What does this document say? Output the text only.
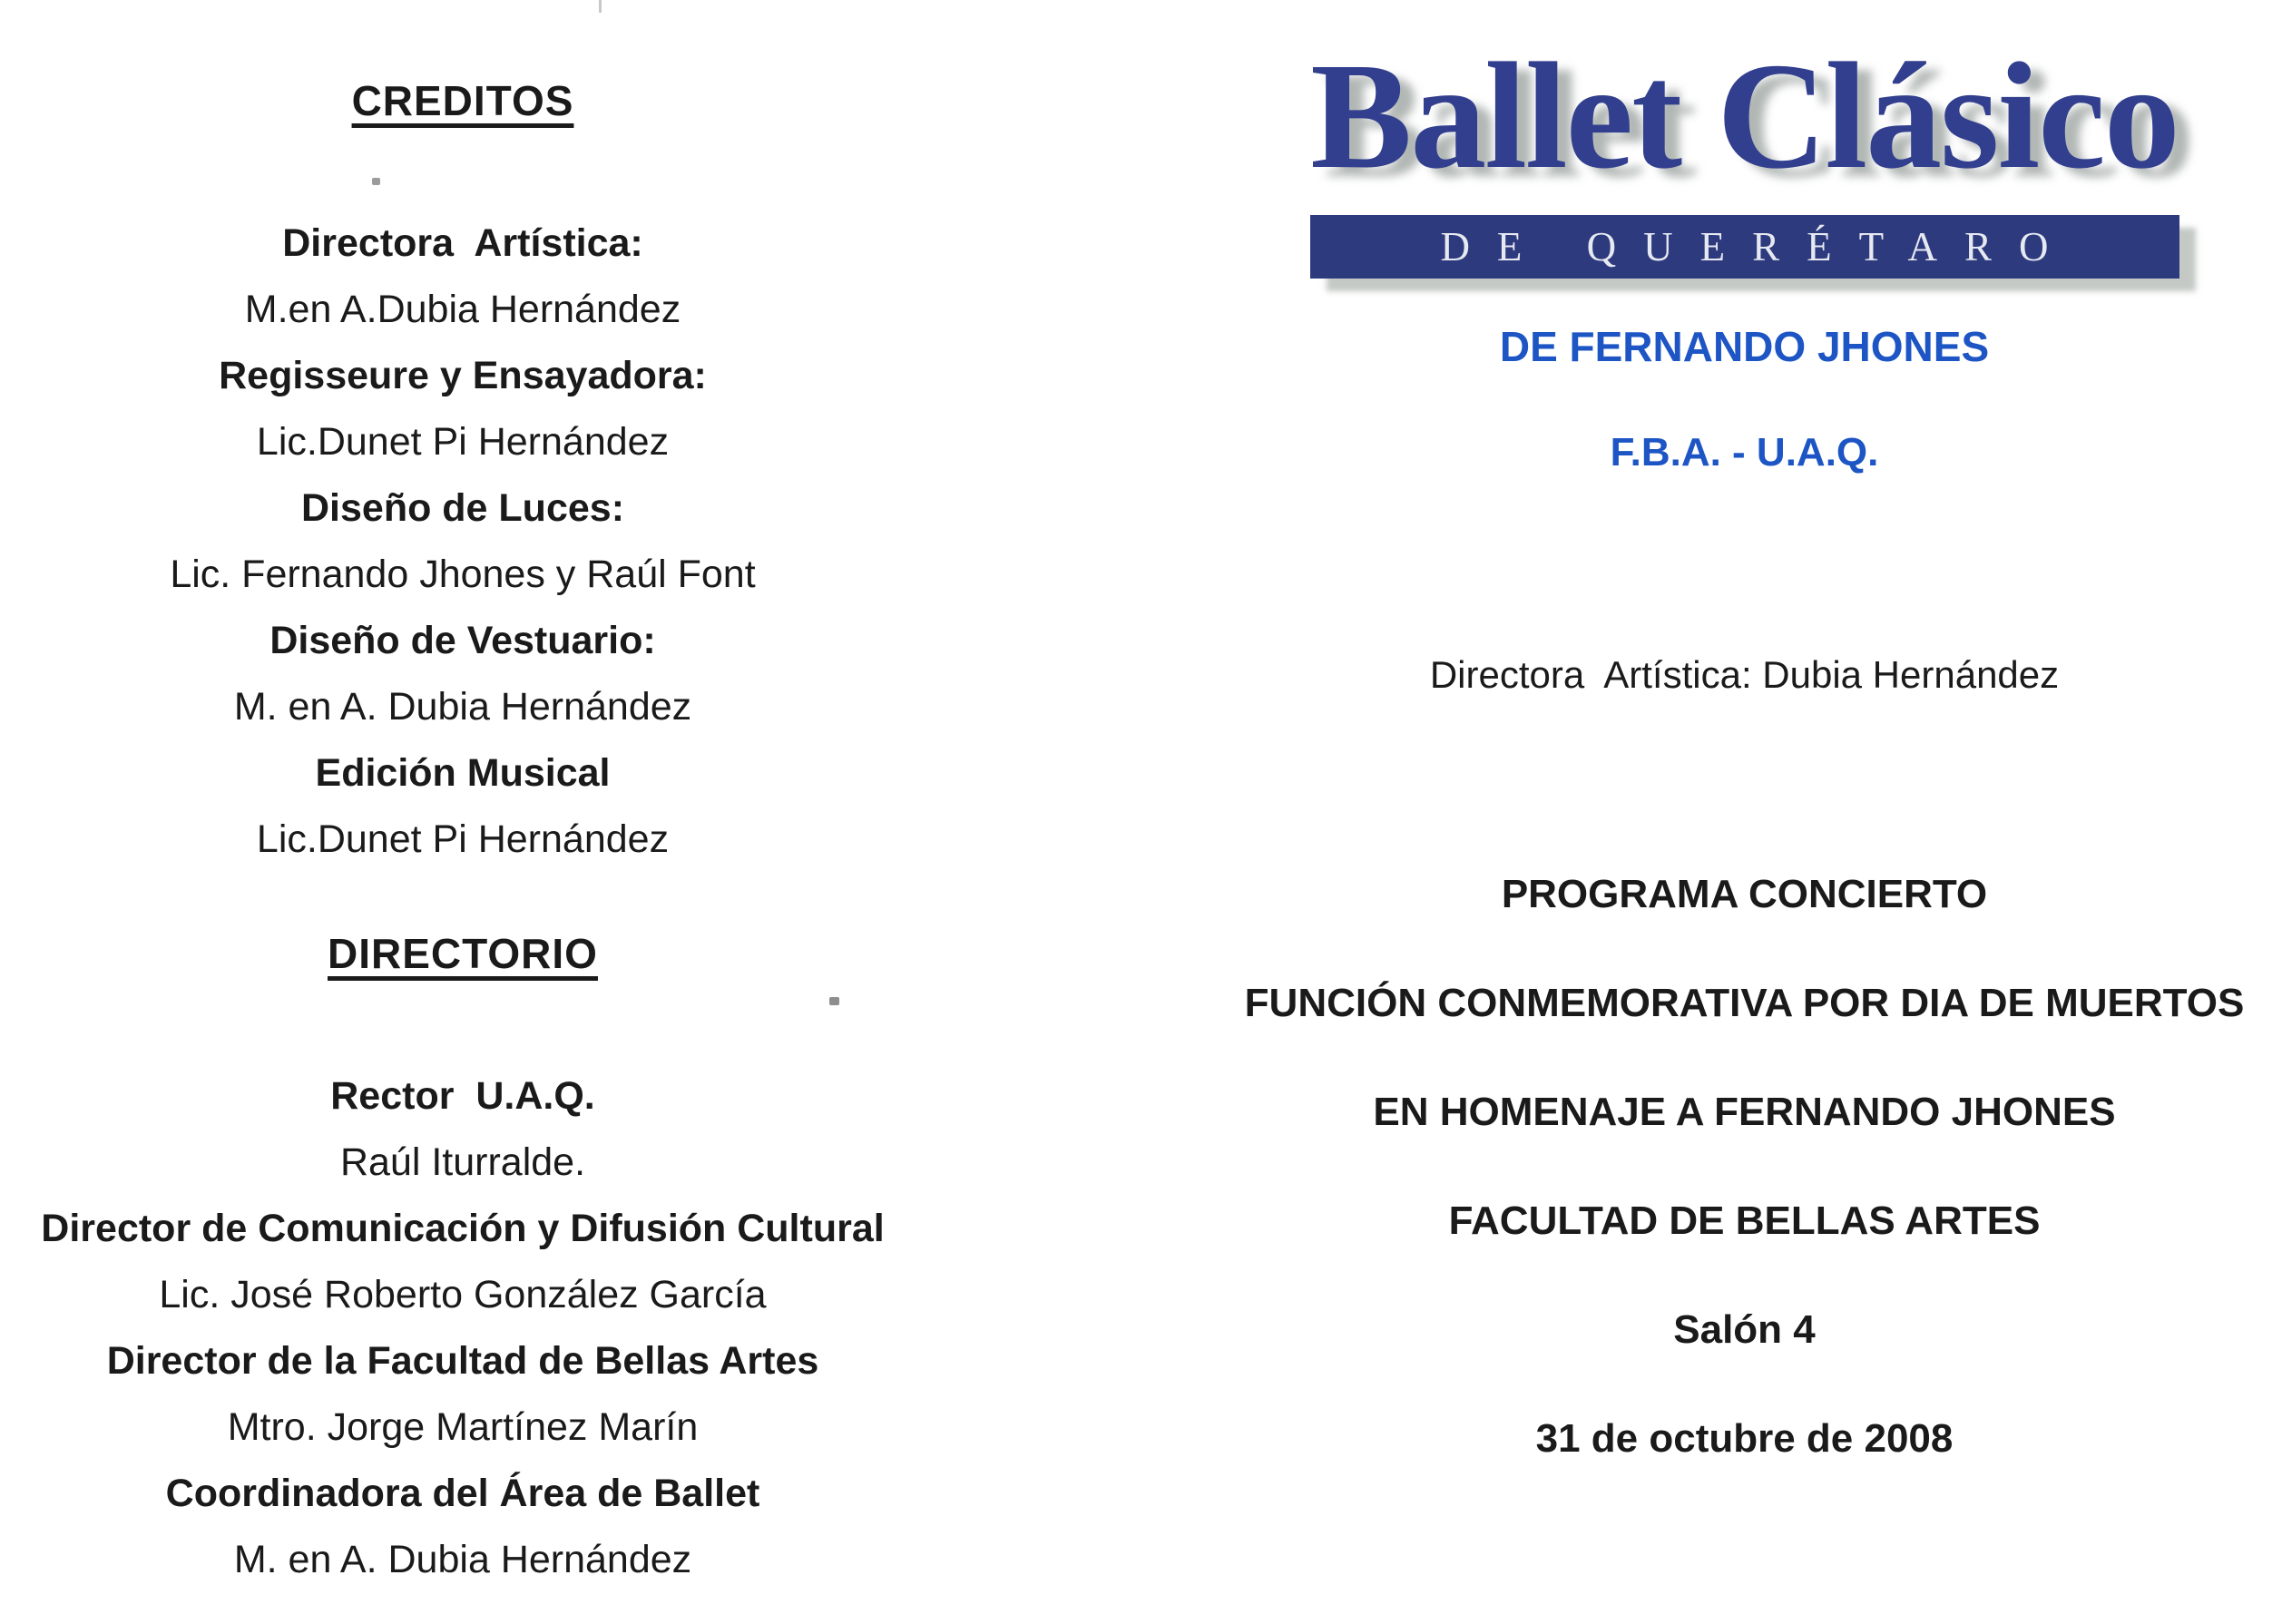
CREDITOS
Directora  Artística:
M.en A.Dubia Hernández
Regisseure y Ensayadora:
Lic.Dunet Pi Hernández
Diseño de Luces:
Lic. Fernando Jhones y Raúl Font
Diseño de Vestuario:
M. en A. Dubia Hernández
Edición Musical
Lic.Dunet Pi Hernández
DIRECTORIO
Rector  U.A.Q.
Raúl Iturralde.
Director de Comunicación y Difusión Cultural
Lic. José Roberto González García
Director de la Facultad de Bellas Artes
Mtro. Jorge Martínez Marín
Coordinadora del Área de Ballet
M. en A. Dubia Hernández
Ballet Clásico
DE QUERÉTARO
DE FERNANDO JHONES
F.B.A. - U.A.Q.
Directora  Artística: Dubia Hernández
PROGRAMA CONCIERTO
FUNCIÓN CONMEMORATIVA POR DIA DE MUERTOS
EN HOMENAJE A FERNANDO JHONES
FACULTAD DE BELLAS ARTES
Salón 4
31 de octubre de 2008
